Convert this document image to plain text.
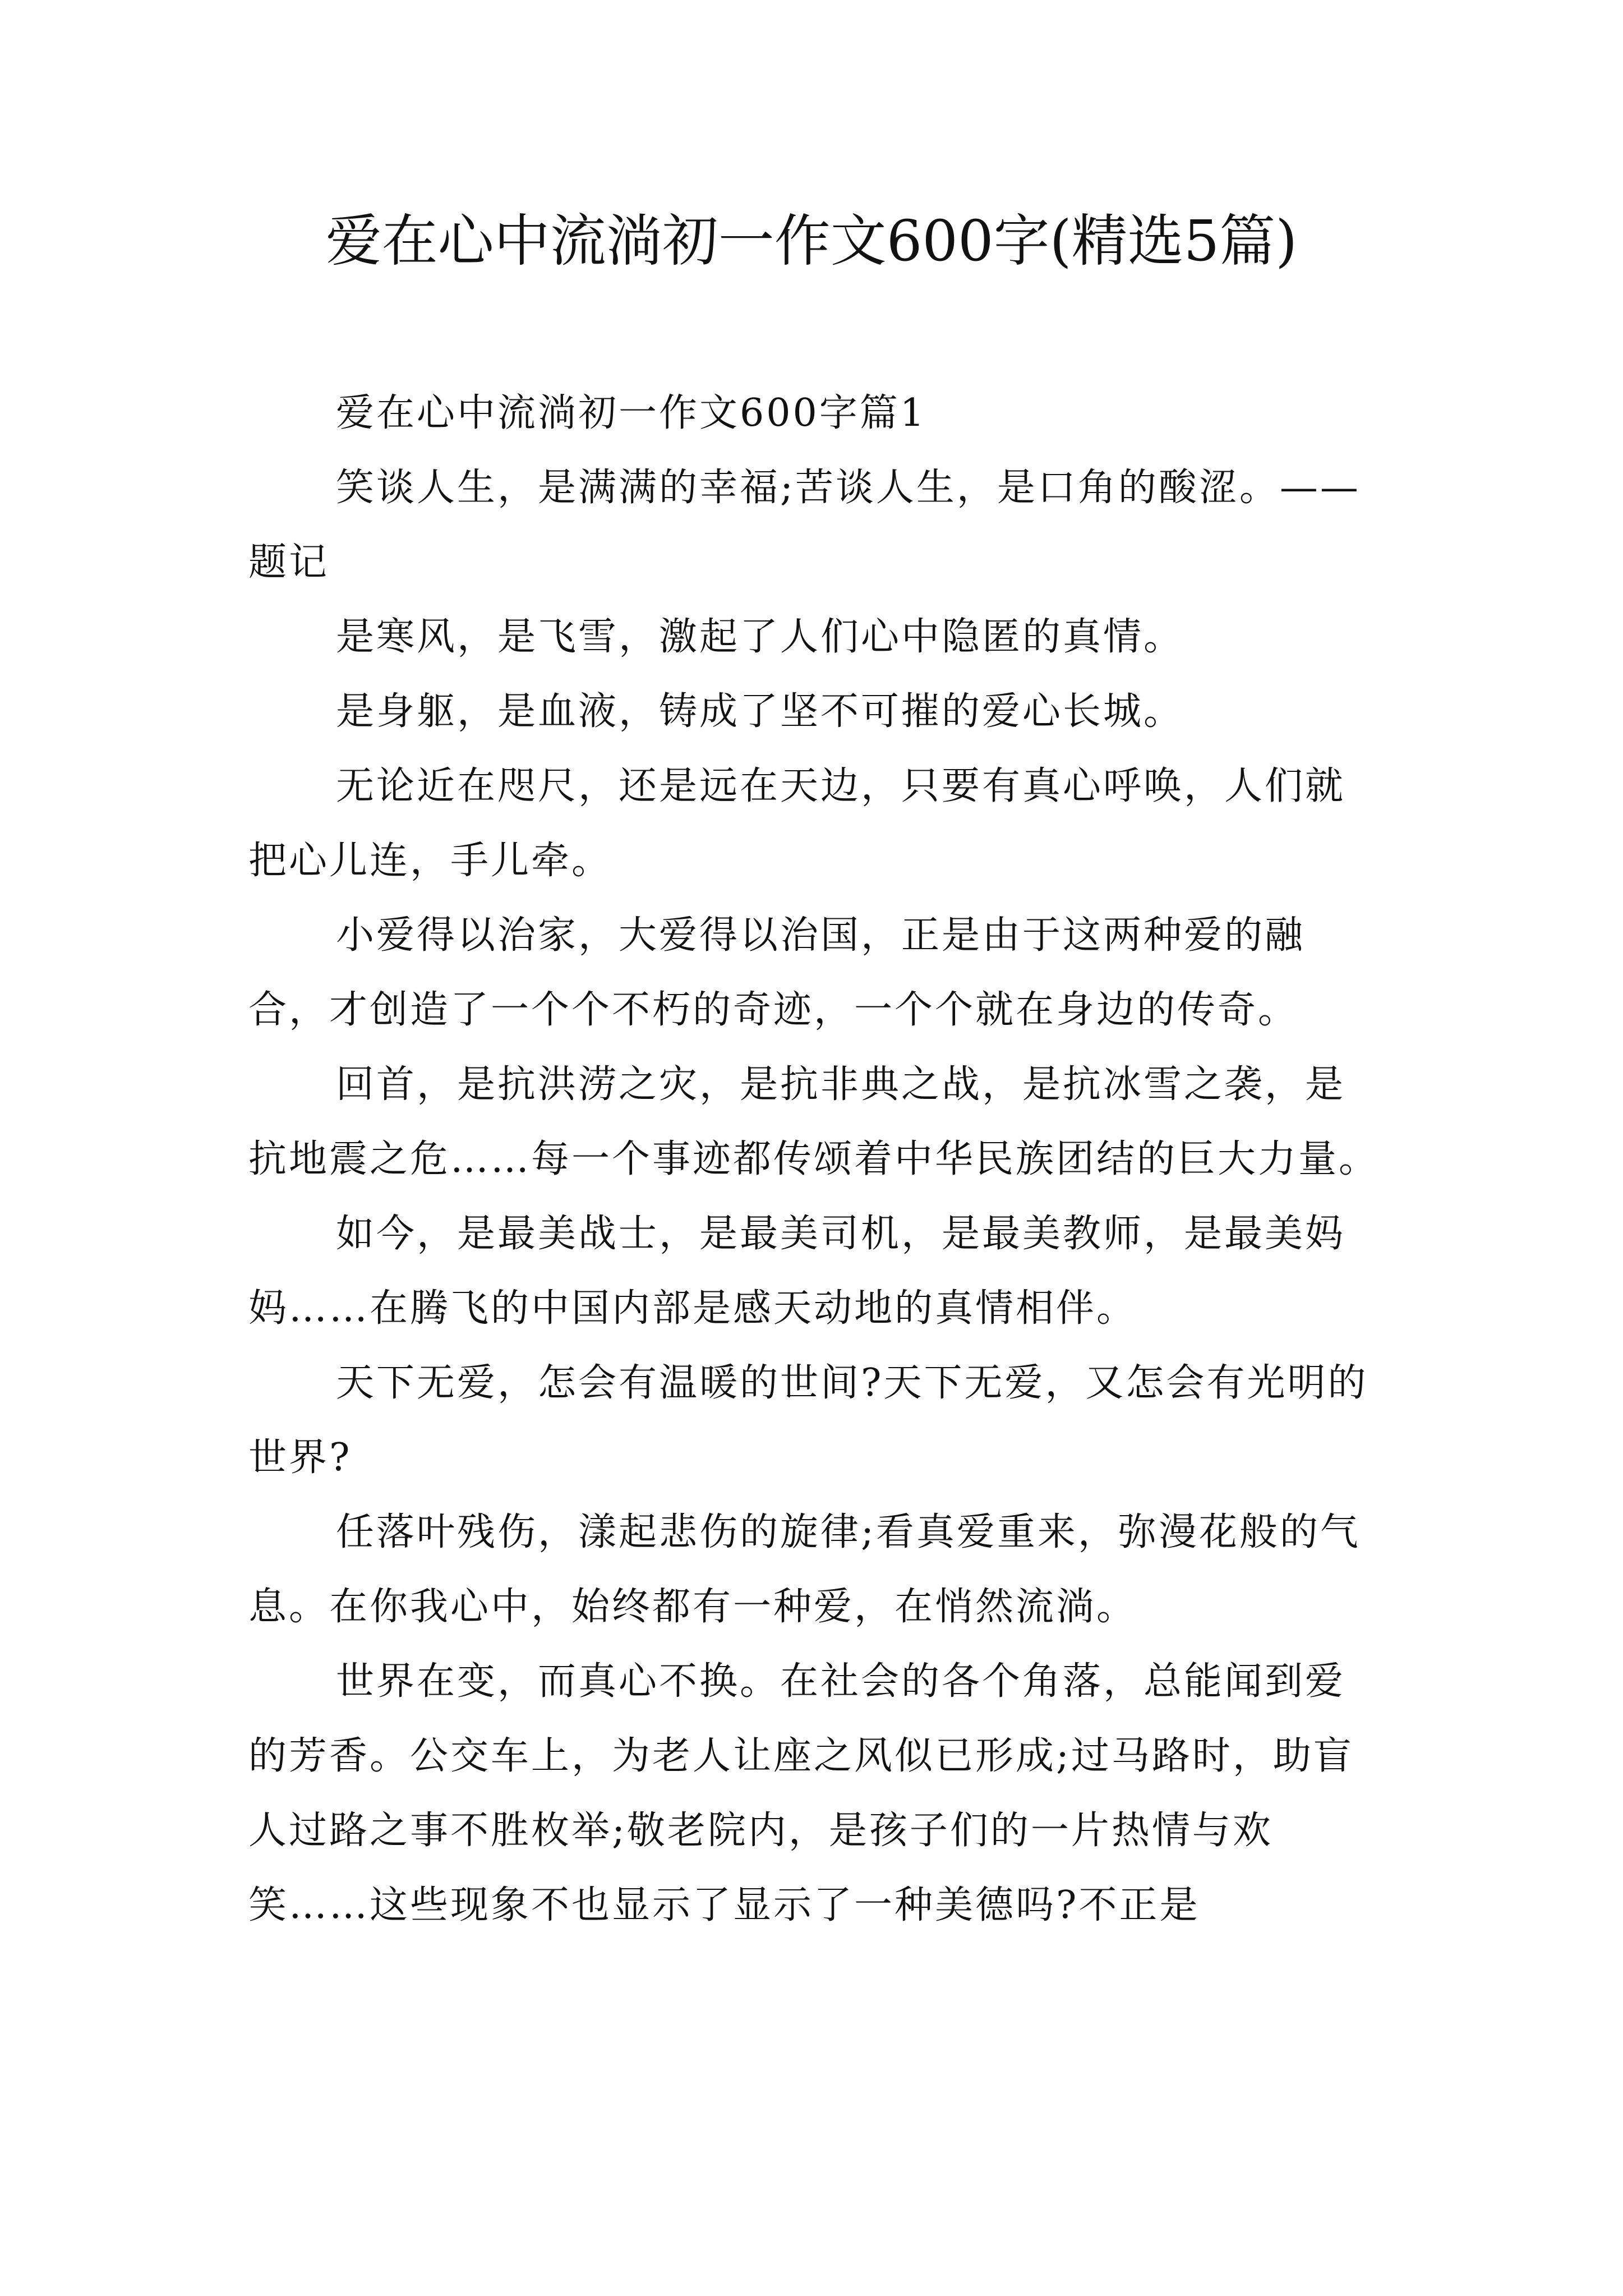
爱在心中流淌初一作文600字(精选5篇)

爱在心中流淌初一作文600字篇1

笑谈人生，是满满的幸福;苦谈人生，是口角的酸涩。——题记

是寒风，是飞雪，激起了人们心中隐匿的真情。

是身躯，是血液，铸成了坚不可摧的爱心长城。

无论近在咫尺，还是远在天边，只要有真心呼唤，人们就把心儿连，手儿牵。

小爱得以治家，大爱得以治国，正是由于这两种爱的融合，才创造了一个个不朽的奇迹，一个个就在身边的传奇。

回首，是抗洪涝之灾，是抗非典之战，是抗冰雪之袭，是抗地震之危……每一个事迹都传颂着中华民族团结的巨大力量。

如今，是最美战士，是最美司机，是最美教师，是最美妈妈……在腾飞的中国内部是感天动地的真情相伴。

天下无爱，怎会有温暖的世间?天下无爱，又怎会有光明的世界?

任落叶残伤，漾起悲伤的旋律;看真爱重来，弥漫花般的气息。在你我心中，始终都有一种爱，在悄然流淌。

世界在变，而真心不换。在社会的各个角落，总能闻到爱的芳香。公交车上，为老人让座之风似已形成;过马路时，助盲人过路之事不胜枚举;敬老院内，是孩子们的一片热情与欢笑……这些现象不也显示了显示了一种美德吗?不正是
